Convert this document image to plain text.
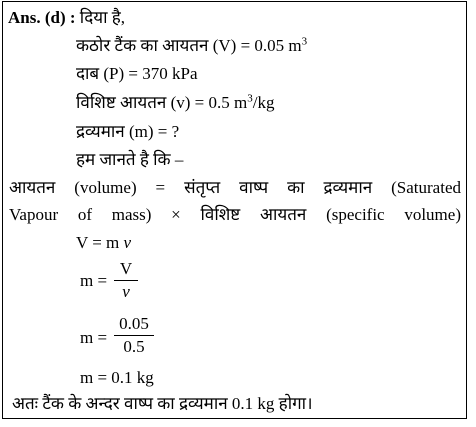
Ans. (d) : दिया है,
कठोर टैंक का आयतन (V) = 0.05 $m^3$
दाब (P) = 370 kPa
विशिष्ट आयतन (v) = 0.5 $m^3/kg$
द्रव्यमान (m) = ?
हम जानते है कि –
आयतन (volume) = संतृप्त वाष्प का द्रव्यमान (Saturated
Vapour of mass) × विशिष्ट आयतन (specific volume)
V = m v
m =
V
v
m =
0.05
0.5
m = 0.1 kg
अतः टैंक के अन्दर वाष्प का द्रव्यमान 0.1 kg होगा।
